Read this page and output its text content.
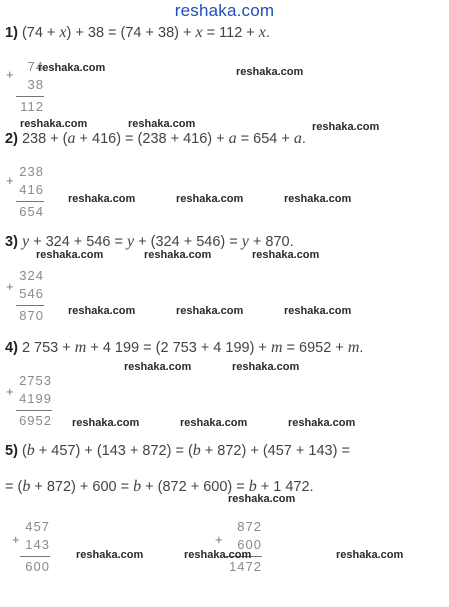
reshaka.com
1) (74 + x) + 38 = (74 + 38) + x = 112 + x.
+
74
38
112
2) 238 + (a + 416) = (238 + 416) + a = 654 + a.
+
238
416
654
3) y + 324 + 546 = y + (324 + 546) = y + 870.
+
324
546
870
4) 2 753 + m + 4 199 = (2 753 + 4 199) + m = 6952 + m.
+
2753
4199
6952
5) (b + 457) + (143 + 872) = (b + 872) + (457 + 143) =
= (b + 872) + 600 = b + (872 + 600) = b + 1 472.
+
457
143
600
+
872
600
1472
reshaka.com	reshaka.com
reshaka.com	reshaka.com	reshaka.com
reshaka.com	reshaka.com	reshaka.com
reshaka.com	reshaka.com	reshaka.com
reshaka.com	reshaka.com	reshaka.com
reshaka.com	reshaka.com
reshaka.com	reshaka.com	reshaka.com
reshaka.com
reshaka.com	reshaka.com	reshaka.com
